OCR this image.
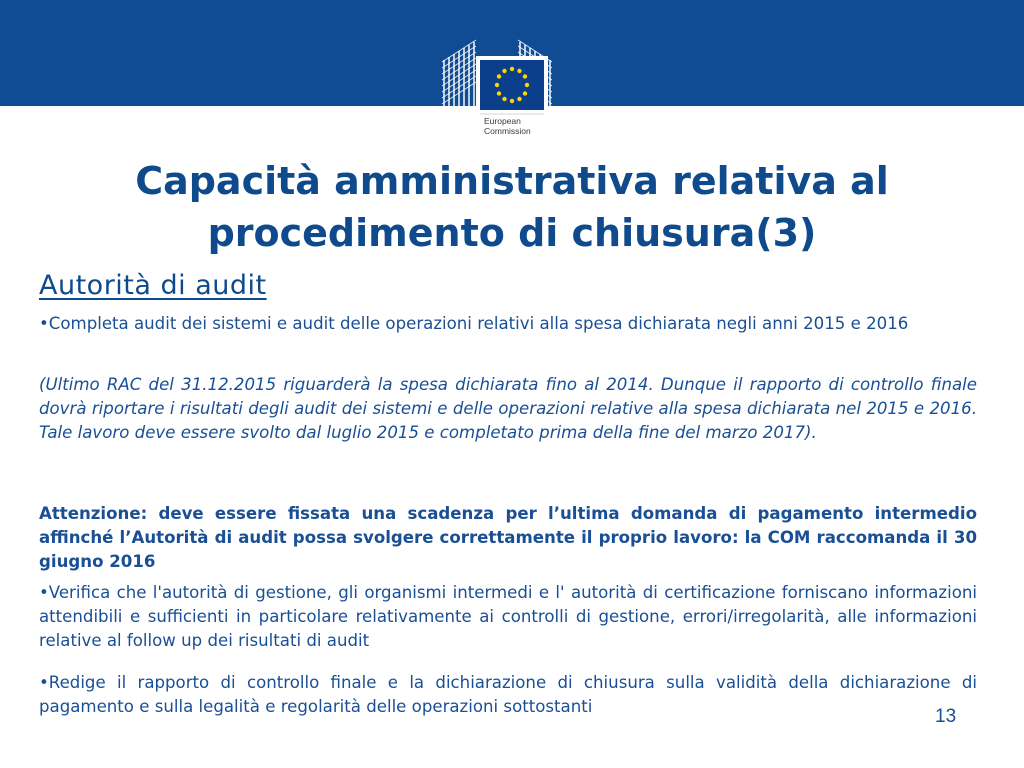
European
Commission
Capacità amministrativa relativa al
procedimento di chiusura(3)
Autorità di audit
•Completa audit dei sistemi e audit delle operazioni relativi alla spesa dichiarata negli anni 2015 e 2016
(Ultimo RAC del 31.12.2015 riguarderà la spesa dichiarata fino al 2014. Dunque il rapporto di controllo finale dovrà riportare i risultati degli audit dei sistemi e delle operazioni relative alla spesa dichiarata nel 2015 e 2016. Tale lavoro deve essere svolto dal luglio 2015 e completato prima della fine del marzo 2017).
Attenzione: deve essere fissata una scadenza per l’ultima domanda di pagamento intermedio affinché l’Autorità di audit possa svolgere correttamente il proprio lavoro: la COM raccomanda il 30 giugno 2016
•Verifica che l'autorità di gestione, gli organismi intermedi e l' autorità di certificazione forniscano informazioni attendibili e sufficienti in particolare relativamente ai controlli di gestione, errori/irregolarità, alle informazioni relative al follow up dei risultati di audit
•Redige il rapporto di controllo finale e la dichiarazione di chiusura sulla validità della dichiarazione di pagamento e sulla legalità e regolarità delle operazioni sottostanti	13
